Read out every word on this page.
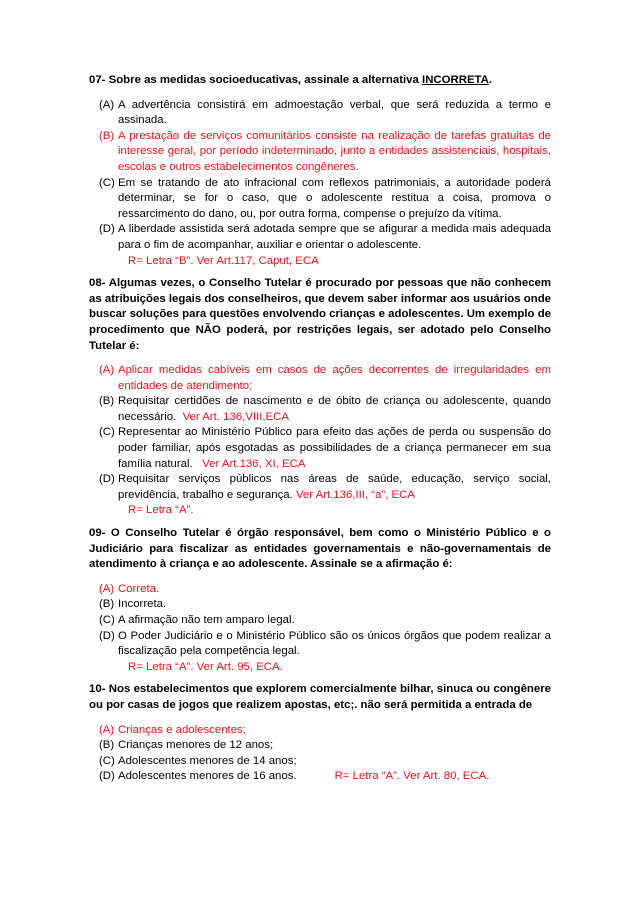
07- Sobre as medidas socioeducativas, assinale a alternativa INCORRETA.

(A) A advertência consistirá em admoestação verbal, que será reduzida a termo e assinada.
(B) A prestação de serviços comunitários consiste na realização de tarefas gratuitas de interesse geral, por período indeterminado, junto a entidades assistenciais, hospitais, escolas e outros estabelecimentos congêneres.
(C) Em se tratando de ato infracional com reflexos patrimoniais, a autoridade poderá determinar, se for o caso, que o adolescente restitua a coisa, promova o ressarcimento do dano, ou, por outra forma, compense o prejuízo da vítima.
(D) A liberdade assistida será adotada sempre que se afigurar a medida mais adequada para o fim de acompanhar, auxiliar e orientar o adolescente.
R= Letra “B”. Ver Art.117, Caput, ECA

08- Algumas vezes, o Conselho Tutelar é procurado por pessoas que não conhecem as atribuições legais dos conselheiros, que devem saber informar aos usuários onde buscar soluções para questões envolvendo crianças e adolescentes. Um exemplo de procedimento que NÃO poderá, por restrições legais, ser adotado pelo Conselho Tutelar é:

(A) Aplicar medidas cabíveis em casos de ações decorrentes de irregularidades em entidades de atendimento;
(B) Requisitar certidões de nascimento e de óbito de criança ou adolescente, quando necessário. Ver Art. 136,VIII,ECA
(C) Representar ao Ministério Público para efeito das ações de perda ou suspensão do poder familiar, após esgotadas as possibilidades de a criança permanecer em sua família natural. Ver Art.136, XI, ECA
(D) Requisitar serviços públicos nas áreas de saúde, educação, serviço social, previdência, trabalho e segurança. Ver Art.136,III, “a”, ECA
R= Letra “A”.

09- O Conselho Tutelar é órgão responsável, bem como o Ministério Público e o Judiciário para fiscalizar as entidades governamentais e não-governamentais de atendimento à criança e ao adolescente. Assinale se a afirmação é:

(A) Correta.
(B) Incorreta.
(C) A afirmação não tem amparo legal.
(D) O Poder Judiciário e o Ministério Público são os únicos órgãos que podem realizar a fiscalização pela competência legal.
R= Letra “A”. Ver Art. 95, ECA.

10- Nos estabelecimentos que explorem comercialmente bilhar, sinuca ou congênere ou por casas de jogos que realizem apostas, etc;. não será permitida a entrada de

(A) Crianças e adolescentes;
(B) Crianças menores de 12 anos;
(C) Adolescentes menores de 14 anos;
(D) Adolescentes menores de 16 anos.	R= Letra “A”. Ver Art. 80, ECA.
